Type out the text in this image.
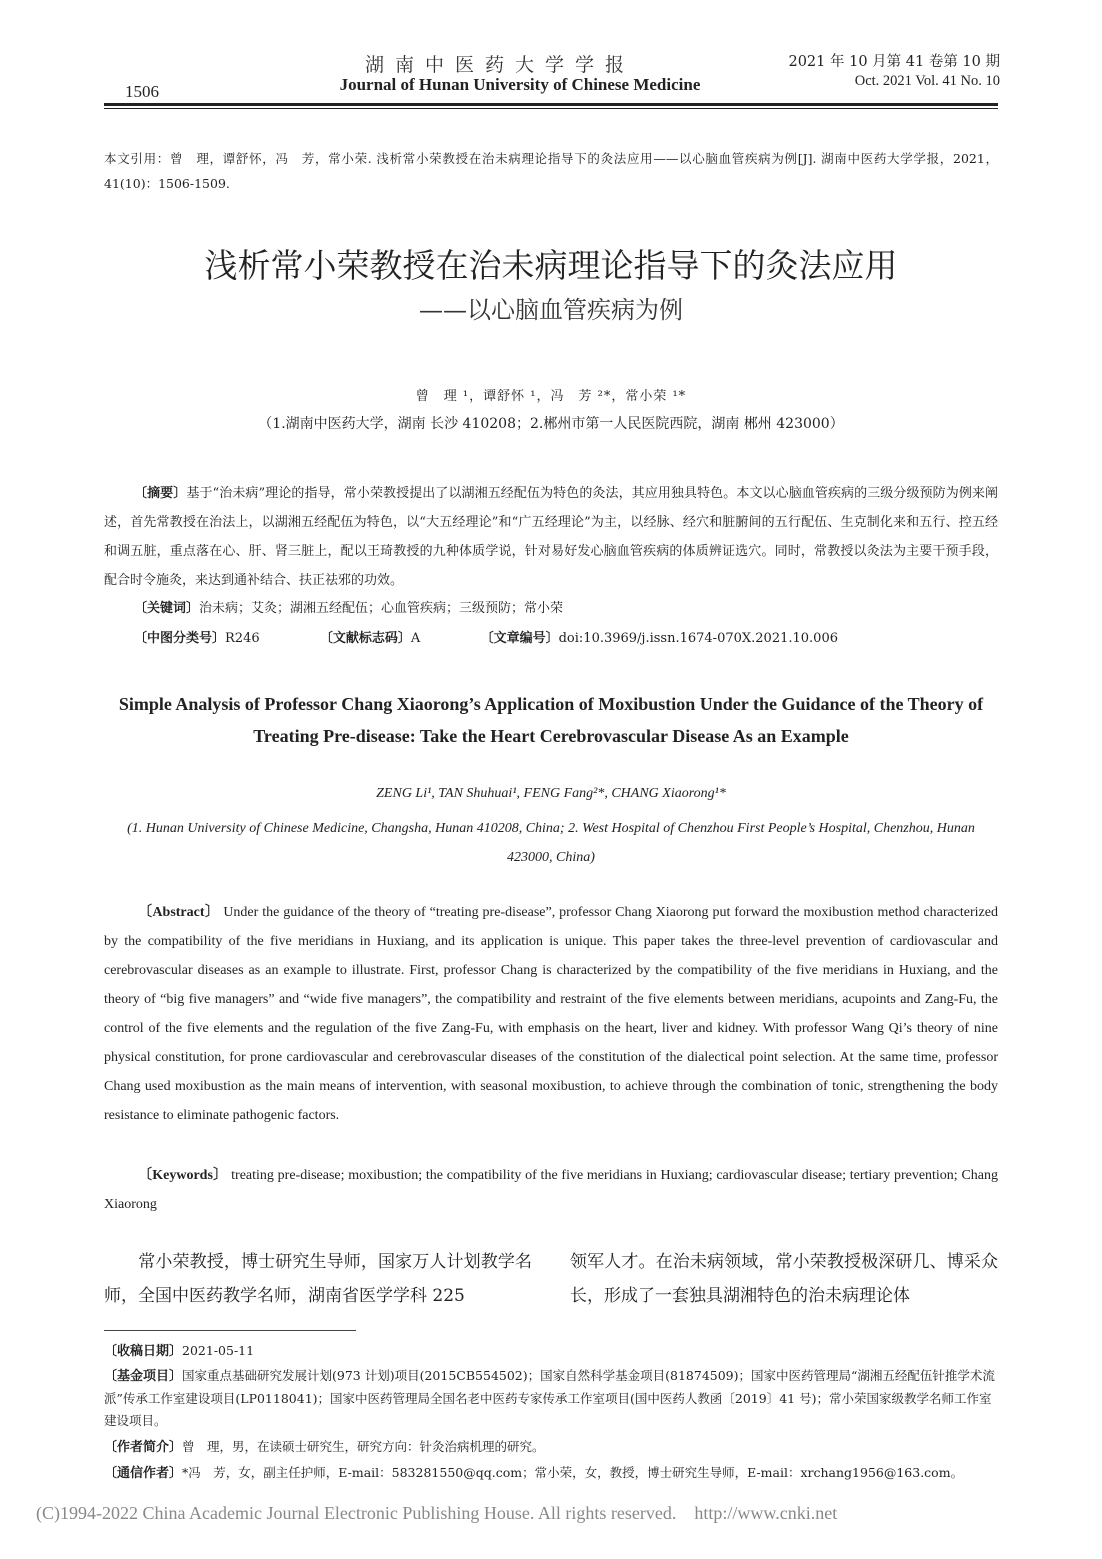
湖南中医药大学学报
Journal of Hunan University of Chinese Medicine
2021 年 10 月第 41 卷第 10 期
Oct. 2021 Vol. 41 No. 10
1506
本文引用：曾　理，谭舒怀，冯　芳，常小荣. 浅析常小荣教授在治未病理论指导下的灸法应用——以心脑血管疾病为例[J]. 湖南中医药大学学报，2021，41(10)：1506-1509.
浅析常小荣教授在治未病理论指导下的灸法应用
——以心脑血管疾病为例
曾　理 ¹，谭舒怀 ¹，冯　芳 ²*，常小荣 ¹*
（1.湖南中医药大学，湖南 长沙 410208；2.郴州市第一人民医院西院，湖南 郴州 423000）
〔摘要〕基于“治未病”理论的指导，常小荣教授提出了以湖湘五经配伍为特色的灸法，其应用独具特色。本文以心脑血管疾病的三级分级预防为例来阐述，首先常教授在治法上，以湖湘五经配伍为特色，以“大五经理论”和“广五经理论”为主，以经脉、经穴和脏腑间的五行配伍、生克制化来和五行、控五经和调五脏，重点落在心、肝、肾三脏上，配以王琦教授的九种体质学说，针对易好发心脑血管疾病的体质辨证选穴。同时，常教授以灸法为主要干预手段，配合时令施灸，来达到通补结合、扶正祛邪的功效。
〔关键词〕治未病；艾灸；湖湘五经配伍；心血管疾病；三级预防；常小荣
〔中图分类号〕R246	〔文献标志码〕A	〔文章编号〕doi:10.3969/j.issn.1674-070X.2021.10.006
Simple Analysis of Professor Chang Xiaorong’s Application of Moxibustion Under the Guidance of the Theory of Treating Pre-disease: Take the Heart Cerebrovascular Disease As an Example
ZENG Li¹, TAN Shuhuai¹, FENG Fang²*, CHANG Xiaorong¹*
(1. Hunan University of Chinese Medicine, Changsha, Hunan 410208, China; 2. West Hospital of Chenzhou First People’s Hospital, Chenzhou, Hunan 423000, China)
〔Abstract〕 Under the guidance of the theory of “treating pre-disease”, professor Chang Xiaorong put forward the moxibustion method characterized by the compatibility of the five meridians in Huxiang, and its application is unique. This paper takes the three-level prevention of cardiovascular and cerebrovascular diseases as an example to illustrate. First, professor Chang is characterized by the compatibility of the five meridians in Huxiang, and the theory of “big five managers” and “wide five managers”, the compatibility and restraint of the five elements between meridians, acupoints and Zang-Fu, the control of the five elements and the regulation of the five Zang-Fu, with emphasis on the heart, liver and kidney. With professor Wang Qi’s theory of nine physical constitution, for prone cardiovascular and cerebrovascular diseases of the constitution of the dialectical point selection. At the same time, professor Chang used moxibustion as the main means of intervention, with seasonal moxibustion, to achieve through the combination of tonic, strengthening the body resistance to eliminate pathogenic factors.
〔Keywords〕 treating pre-disease; moxibustion; the compatibility of the five meridians in Huxiang; cardiovascular disease; tertiary prevention; Chang Xiaorong
　　常小荣教授，博士研究生导师，国家万人计划教学名师，全国中医药教学名师，湖南省医学学科 225
领军人才。在治未病领域，常小荣教授极深研几、博采众长，形成了一套独具湖湘特色的治未病理论体
〔收稿日期〕2021-05-11
〔基金项目〕国家重点基础研究发展计划(973 计划)项目(2015CB554502)；国家自然科学基金项目(81874509)；国家中医药管理局“湖湘五经配伍针推学术流派”传承工作室建设项目(LP0118041)；国家中医药管理局全国名老中医药专家传承工作室项目(国中医药人教函〔2019〕41 号)；常小荣国家级教学名师工作室建设项目。
〔作者简介〕曾　理，男，在读硕士研究生，研究方向：针灸治病机理的研究。
〔通信作者〕*冯　芳，女，副主任护师，E-mail：583281550@qq.com；常小荣，女，教授，博士研究生导师，E-mail：xrchang1956@163.com。
(C)1994-2022 China Academic Journal Electronic Publishing House. All rights reserved.    http://www.cnki.net
